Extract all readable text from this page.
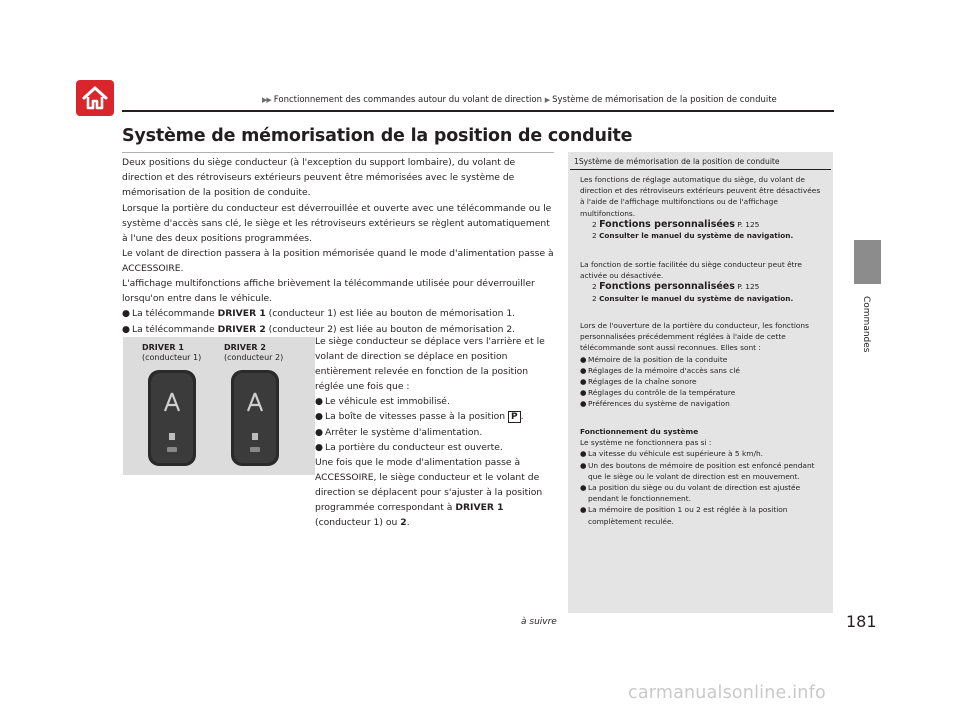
▶▶ Fonctionnement des commandes autour du volant de direction ▶ Système de mémorisation de la position de conduite
Commandes
Système de mémorisation de la position de conduite

Deux positions du siège conducteur (à l'exception du support lombaire), du volant de direction et des rétroviseurs extérieurs peuvent être mémorisées avec le système de mémorisation de la position de conduite.
Lorsque la portière du conducteur est déverrouillée et ouverte avec une télécommande ou le système d'accès sans clé, le siège et les rétroviseurs extérieurs se règlent automatiquement à l'une des deux positions programmées.
Le volant de direction passera à la position mémorisée quand le mode d'alimentation passe à ACCESSOIRE.

L'affichage multifonctions affiche brièvement la télécommande utilisée pour déverrouiller lorsqu'on entre dans le véhicule.
● La télécommande DRIVER 1 (conducteur 1) est liée au bouton de mémorisation 1.
● La télécommande DRIVER 2 (conducteur 2) est liée au bouton de mémorisation 2.
DRIVER 1
(conducteur 1)
DRIVER 2
(conducteur 2)
Le siège conducteur se déplace vers l'arrière et le volant de direction se déplace en position entièrement relevée en fonction de la position réglée une fois que :
● Le véhicule est immobilisé.
● La boîte de vitesses passe à la position P .
● Arrêter le système d'alimentation.
● La portière du conducteur est ouverte.
Une fois que le mode d'alimentation passe à ACCESSOIRE, le siège conducteur et le volant de direction se déplacent pour s'ajuster à la position programmée correspondant à DRIVER 1 (conducteur 1) ou 2.
1Système de mémorisation de la position de conduite
Les fonctions de réglage automatique du siège, du volant de direction et des rétroviseurs extérieurs peuvent être désactivées à l'aide de l'affichage multifonctions ou de l'affichage multifonctions.
2 Fonctions personnalisées P. 125
2 Consulter le manuel du système de navigation.
La fonction de sortie facilitée du siège conducteur peut être activée ou désactivée.
2 Fonctions personnalisées P. 125
2 Consulter le manuel du système de navigation.
Lors de l'ouverture de la portière du conducteur, les fonctions personnalisées précédemment réglées à l'aide de cette télécommande sont aussi reconnues. Elles sont :
● Mémoire de la position de la conduite
● Réglages de la mémoire d'accès sans clé
● Réglages de la chaîne sonore
● Réglages du contrôle de la température
● Préférences du système de navigation
Fonctionnement du système
Le système ne fonctionnera pas si :
● La vitesse du véhicule est supérieure à 5 km/h.
● Un des boutons de mémoire de position est enfoncé pendant que le siège ou le volant de direction est en mouvement.
● La position du siège ou du volant de direction est ajustée pendant le fonctionnement.
● La mémoire de position 1 ou 2 est réglée à la position complètement reculée.
à suivre	181
carmanualsonline.info
